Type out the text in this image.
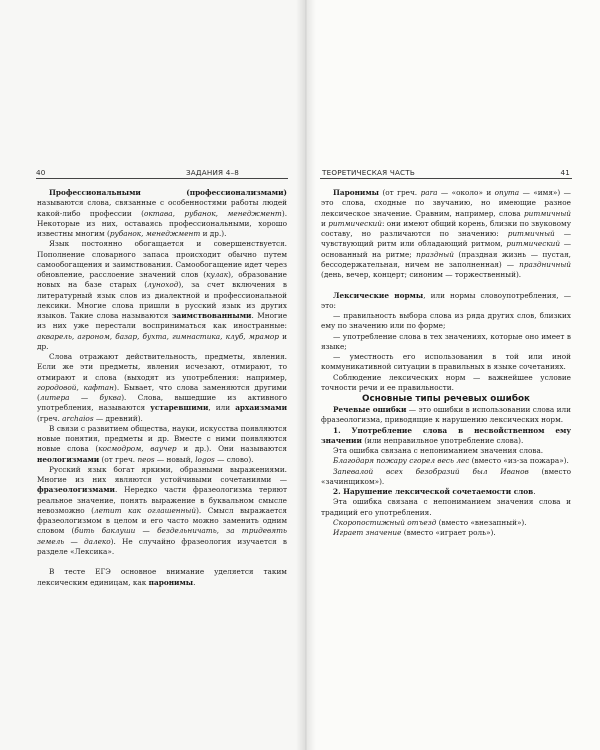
40	ЗАДАНИЯ 4–8	ТЕОРЕТИЧЕСКАЯ ЧАСТЬ	41

Профессиональными (профессионализмами) называются слова, связанные с особенностями работы людей какой-либо профессии (октава, рубанок, менеджмент). Некоторые из них, оставаясь профессиональными, хорошо известны многим (рубанок, менеджмент и др.).

Язык постоянно обогащается и совершенствуется. Пополнение словарного запаса происходит обычно путем самообогащения и заимствования. Самообогащение идет через обновление, расслоение значений слов (кулак), образование новых на базе старых (луноход), за счет включения в литературный язык слов из диалектной и профессиональной лексики. Многие слова пришли в русский язык из других языков. Такие слова называются заимствованными. Многие из них уже перестали восприниматься как иностранные: акварель, агроном, базар, бухта, гимнастика, клуб, мрамор и др.

Слова отражают действительность, предметы, явления. Если же эти предметы, явления исчезают, отмирают, то отмирают и слова (выходят из употребления: например, городовой, кафтан). Бывает, что слова заменяются другими (литера — буква). Слова, вышедшие из активного употребления, называются устаревшими, или архаизмами (греч. archaios — древний).

В связи с развитием общества, науки, искусства появляются новые понятия, предметы и др. Вместе с ними появляются новые слова (космодром, ваучер и др.). Они называются неологизмами (от греч. neos — новый, logos — слово).

Русский язык богат яркими, образными выражениями. Многие из них являются устойчивыми сочетаниями — фразеологизмами. Нередко части фразеологизма теряют реальное значение, понять выражение в буквальном смысле невозможно (летит как оглашенный). Смысл выражается фразеологизмом в целом и его часто можно заменить одним словом (бить баклуши — бездельничать, за тридевять земель — далеко). Не случайно фразеология изучается в разделе «Лексика».

В тесте ЕГЭ основное внимание уделяется таким лексическим единицам, как паронимы.

Паронимы (от греч. para — «около» и onyma — «имя») — это слова, сходные по звучанию, но имеющие разное лексическое значение. Сравним, например, слова ритмичный и ритмический: они имеют общий корень, близки по звуковому составу, но различаются по значению: ритмичный — чувствующий ритм или обладающий ритмом, ритмический — основанный на ритме; праздный (праздная жизнь — пустая, бессодержательная, ничем не заполненная) — праздничный (день, вечер, концерт; синоним — торжественный).

Лексические нормы, или нормы словоупотребления, — это:

— правильность выбора слова из ряда других слов, близких ему по значению или по форме;

— употребление слова в тех значениях, которые оно имеет в языке;

— уместность его использования в той или иной коммуникативной ситуации в правильных в языке сочетаниях.

Соблюдение лексических норм — важнейшее условие точности речи и ее правильности.

Основные типы речевых ошибок

Речевые ошибки — это ошибки в использовании слова или фразеологизма, приводящие к нарушению лексических норм.

1. Употребление слова в несвойственном ему значении (или неправильное употребление слова).

Эта ошибка связана с непониманием значения слова.

Благодаря пожару сгорел весь лес (вместо «из-за пожара»).

Запевалой всех безобразий был Иванов (вместо «зачинщиком»).

2. Нарушение лексической сочетаемости слов.

Эта ошибка связана с непониманием значения слова и традиций его употребления.

Скоропостижный отъезд (вместо «внезапный»).

Играет значение (вместо «играет роль»).
